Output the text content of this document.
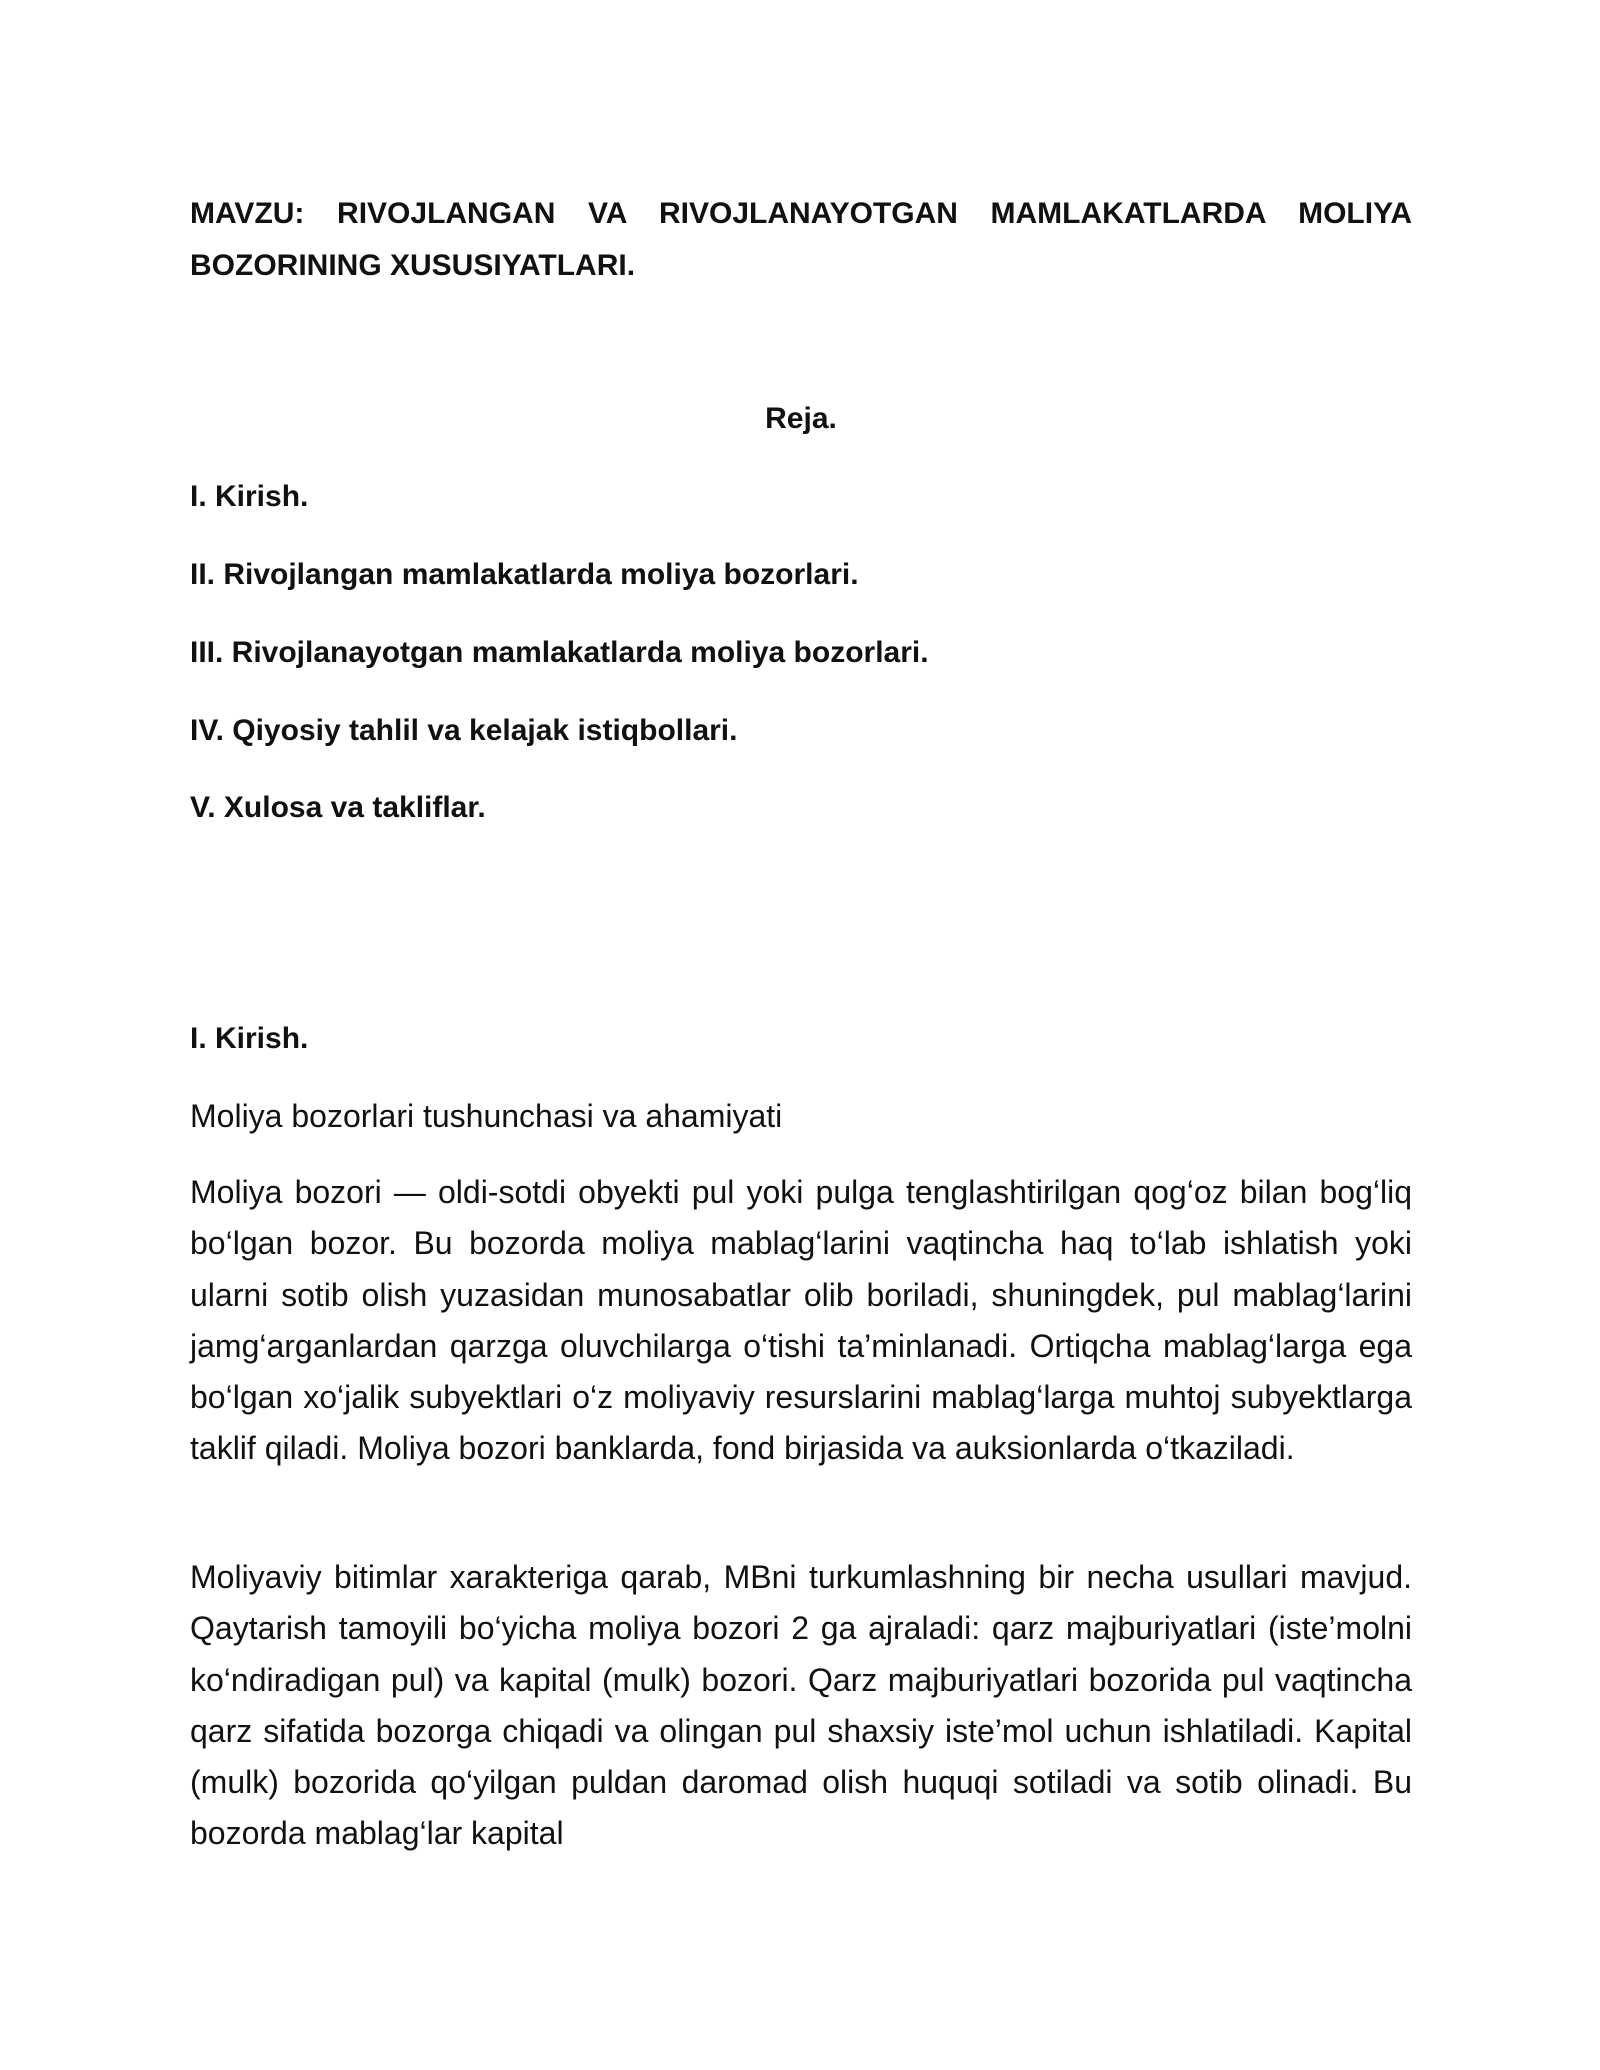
MAVZU: RIVOJLANGAN VA RIVOJLANAYOTGAN MAMLAKATLARDA MOLIYA BOZORINING XUSUSIYATLARI.

Reja.

I. Kirish.

II. Rivojlangan mamlakatlarda moliya bozorlari.

III. Rivojlanayotgan mamlakatlarda moliya bozorlari.

IV. Qiyosiy tahlil va kelajak istiqbollari.

V. Xulosa va takliflar.

I. Kirish.

Moliya bozorlari tushunchasi va ahamiyati

Moliya bozori — oldi-sotdi obyekti pul yoki pulga tenglashtirilgan qog‘oz bilan bog‘liq bo‘lgan bozor. Bu bozorda moliya mablag‘larini vaqtincha haq to‘lab ishlatish yoki ularni sotib olish yuzasidan munosabatlar olib boriladi, shuningdek, pul mablag‘larini jamg‘arganlardan qarzga oluvchilarga o‘tishi ta’minlanadi. Ortiqcha mablag‘larga ega bo‘lgan xo‘jalik subyektlari o‘z moliyaviy resurslarini mablag‘larga muhtoj subyektlarga taklif qiladi. Moliya bozori banklarda, fond birjasida va auksionlarda o‘tkaziladi.

Moliyaviy bitimlar xarakteriga qarab, MBni turkumlashning bir necha usullari mavjud. Qaytarish tamoyili bo‘yicha moliya bozori 2 ga ajraladi: qarz majburiyatlari (iste’molni ko‘ndiradigan pul) va kapital (mulk) bozori. Qarz majburiyatlari bozorida pul vaqtincha qarz sifatida bozorga chiqadi va olingan pul shaxsiy iste’mol uchun ishlatiladi. Kapital (mulk) bozorida qo‘yilgan puldan daromad olish huquqi sotiladi va sotib olinadi. Bu bozorda mablag‘lar kapital
